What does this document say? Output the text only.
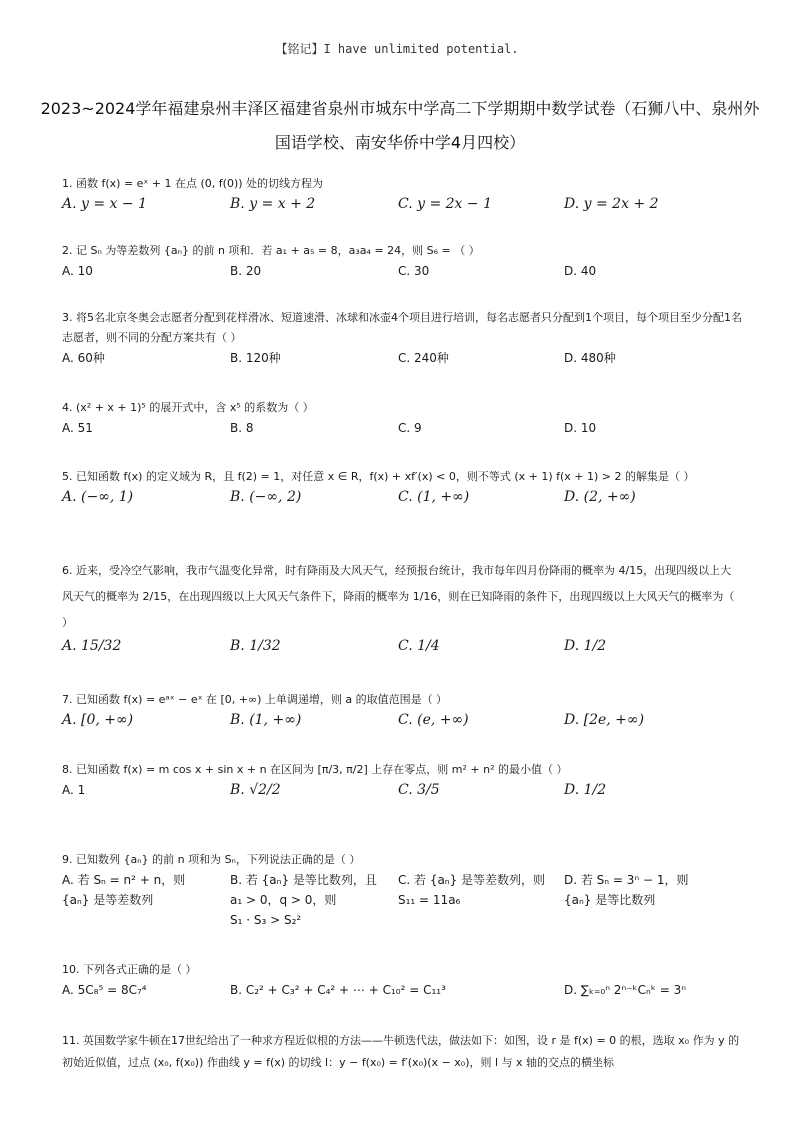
【铭记】I have unlimited potential.
2023~2024学年福建泉州丰泽区福建省泉州市城东中学高二下学期期中数学试卷（石狮八中、泉州外国语学校、南安华侨中学4月四校）
1. 函数 f(x) = eˣ + 1 在点 (0, f(0)) 处的切线方程为
A. y = x − 1	B. y = x + 2	C. y = 2x − 1	D. y = 2x + 2
2. 记 Sₙ 为等差数列 {aₙ} 的前 n 项和．若 a₁ + a₅ = 8，a₃a₄ = 24，则 S₆ = （ ）
A. 10	B. 20	C. 30	D. 40
3. 将5名北京冬奥会志愿者分配到花样滑冰、短道速滑、冰球和冰壶4个项目进行培训，每名志愿者只分配到1个项目，每个项目至少分配1名志愿者，则不同的分配方案共有（ ）
A. 60种	B. 120种	C. 240种	D. 480种
4. (x² + x + 1)⁵ 的展开式中，含 x⁵ 的系数为（ ）
A. 51	B. 8	C. 9	D. 10
5. 已知函数 f(x) 的定义域为 R，且 f(2) = 1，对任意 x ∈ R，f(x) + xf′(x) < 0，则不等式 (x + 1) f(x + 1) > 2 的解集是（ ）
A. (−∞, 1)	B. (−∞, 2)	C. (1, +∞)	D. (2, +∞)
6. 近来，受冷空气影响，我市气温变化异常，时有降雨及大风天气，经预报台统计，我市每年四月份降雨的概率为 4/15，出现四级以上大风天气的概率为 2/15，在出现四级以上大风天气条件下，降雨的概率为 1/16，则在已知降雨的条件下，出现四级以上大风天气的概率为（ ）
A. 15/32	B. 1/32	C. 1/4	D. 1/2
7. 已知函数 f(x) = eᵃˣ − eˣ 在 [0, +∞) 上单调递增，则 a 的取值范围是（ ）
A. [0, +∞)	B. (1, +∞)	C. (e, +∞)	D. [2e, +∞)
8. 已知函数 f(x) = m cos x + sin x + n 在区间为 [π/3, π/2] 上存在零点，则 m² + n² 的最小值（ ）
A. 1	B. √2/2	C. 3/5	D. 1/2
9. 已知数列 {aₙ} 的前 n 项和为 Sₙ，下列说法正确的是（ ）
A. 若 Sₙ = n² + n，则
{aₙ} 是等差数列
B. 若 {aₙ} 是等比数列，且
a₁ > 0，q > 0，则
S₁ · S₃ > S₂²
C. 若 {aₙ} 是等差数列，则
S₁₁ = 11a₆
D. 若 Sₙ = 3ⁿ − 1，则
{aₙ} 是等比数列
10. 下列各式正确的是（ ）
A. 5C₈⁵ = 8C₇⁴	B. C₂² + C₃² + C₄² + ⋯ + C₁₀² = C₁₁³	D. ∑ₖ₌₀ⁿ 2ⁿ⁻ᵏCₙᵏ = 3ⁿ
11. 英国数学家牛顿在17世纪给出了一种求方程近似根的方法——牛顿迭代法，做法如下：如图，设 r 是 f(x) = 0 的根，选取 x₀ 作为 y 的初始近似值，过点 (x₀, f(x₀)) 作曲线 y = f(x) 的切线 l：y − f(x₀) = f′(x₀)(x − x₀)，则 l 与 x 轴的交点的横坐标
